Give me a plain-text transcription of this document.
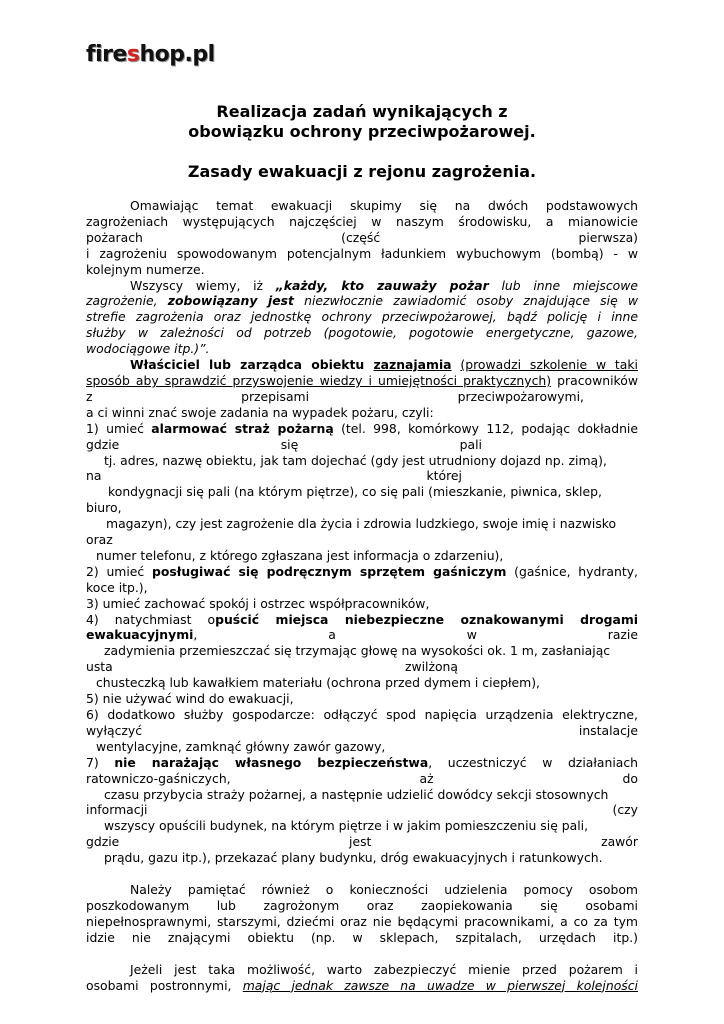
fireshop.pl
Realizacja zadań wynikających z
obowiązku ochrony przeciwpożarowej.
Zasady ewakuacji z rejonu zagrożenia.

Omawiając temat ewakuacji skupimy się na dwóch podstawowych

zagrożeniach występujących najczęściej w naszym środowisku, a mianowicie

pożarach	(część	pierwsza)

i zagrożeniu spowodowanym potencjalnym ładunkiem wybuchowym (bombą) - w

kolejnym numerze.

Wszyscy wiemy, iż „każdy, kto zauważy pożar lub inne miejscowe

zagrożenie, zobowiązany jest niezwłocznie zawiadomić osoby znajdujące się w

strefie zagrożenia oraz jednostkę ochrony przeciwpożarowej, bądź policję i inne

służby w zależności od potrzeb (pogotowie, pogotowie energetyczne, gazowe,

wodociągowe itp.)”.

Właściciel lub zarządca obiektu zaznajamia (prowadzi szkolenie w taki

sposób aby sprawdzić przyswojenie wiedzy i umiejętności praktycznych) pracowników

z	przepisami	przeciwpożarowymi,

a ci winni znać swoje zadania na wypadek pożaru, czyli:

1) umieć alarmować straż pożarną (tel. 998, komórkowy 112, podając dokładnie

gdzie	się	pali

tj. adres, nazwę obiektu, jak tam dojechać (gdy jest utrudniony dojazd np. zimą),

na	której

kondygnacji się pali (na którym piętrze), co się pali (mieszkanie, piwnica, sklep,

biuro,

magazyn), czy jest zagrożenie dla życia i zdrowia ludzkiego, swoje imię i nazwisko

oraz

numer telefonu, z którego zgłaszana jest informacja o zdarzeniu),

2) umieć posługiwać się podręcznym sprzętem gaśniczym (gaśnice, hydranty,

koce itp.),

3) umieć zachować spokój i ostrzec współpracowników,

4) natychmiast opuścić miejsca niebezpieczne oznakowanymi drogami

ewakuacyjnymi,	a	w	razie

zadymienia przemieszczać się trzymając głowę na wysokości ok. 1 m, zasłaniając

usta	zwilżoną

chusteczką lub kawałkiem materiału (ochrona przed dymem i ciepłem),

5) nie używać wind do ewakuacji,

6) dodatkowo służby gospodarcze: odłączyć spod napięcia urządzenia elektryczne,

wyłączyć	instalacje

wentylacyjne, zamknąć główny zawór gazowy,

7) nie narażając własnego bezpieczeństwa, uczestniczyć w działaniach

ratowniczo-gaśniczych,	aż	do

czasu przybycia straży pożarnej, a następnie udzielić dowódcy sekcji stosownych

informacji	(czy

wszyscy opuścili budynek, na którym piętrze i w jakim pomieszczeniu się pali,

gdzie	jest	zawór

prądu, gazu itp.), przekazać plany budynku, dróg ewakuacyjnych i ratunkowych.

Należy pamiętać również o konieczności udzielenia pomocy osobom

poszkodowanym lub zagrożonym oraz zaopiekowania się osobami

niepełnosprawnymi, starszymi, dziećmi oraz nie będącymi pracownikami, a co za tym

idzie nie znającymi obiektu (np. w sklepach, szpitalach, urzędach itp.)

Jeżeli jest taka możliwość, warto zabezpieczyć mienie przed pożarem i

osobami postronnymi, mając jednak zawsze na uwadze w pierwszej kolejności
